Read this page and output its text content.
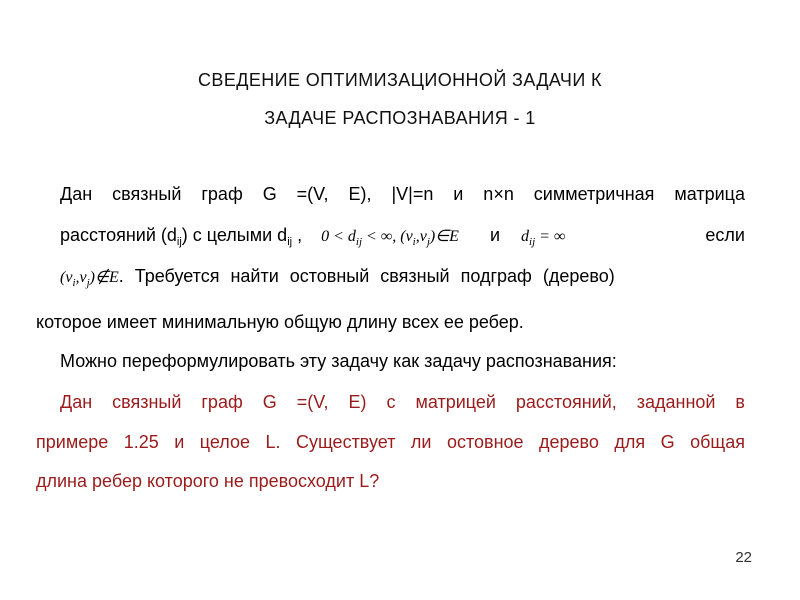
СВЕДЕНИЕ ОПТИМИЗАЦИОННОЙ ЗАДАЧИ К
ЗАДАЧЕ РАСПОЗНАВАНИЯ - 1
Дан связный граф G =(V, E), |V|=n и n×n симметричная матрица
расстояний $(d_{ij})$ с целыми $d_{ij}$ , $0 < d_{ij}$ < ∞, $(v_i,v_j)\in E$ и $d_{ij}$ = ∞	если
$(v_i,v_j)\notin E$. Требуется найти остовный связный подграф (дерево)
которое имеет минимальную общую длину всех ее ребер.
Можно переформулировать эту задачу как задачу распознавания:
Дан связный граф G =(V, E) с матрицей расстояний, заданной в
примере 1.25 и целое L. Существует ли остовное дерево для G общая
длина ребер которого не превосходит L?
22
